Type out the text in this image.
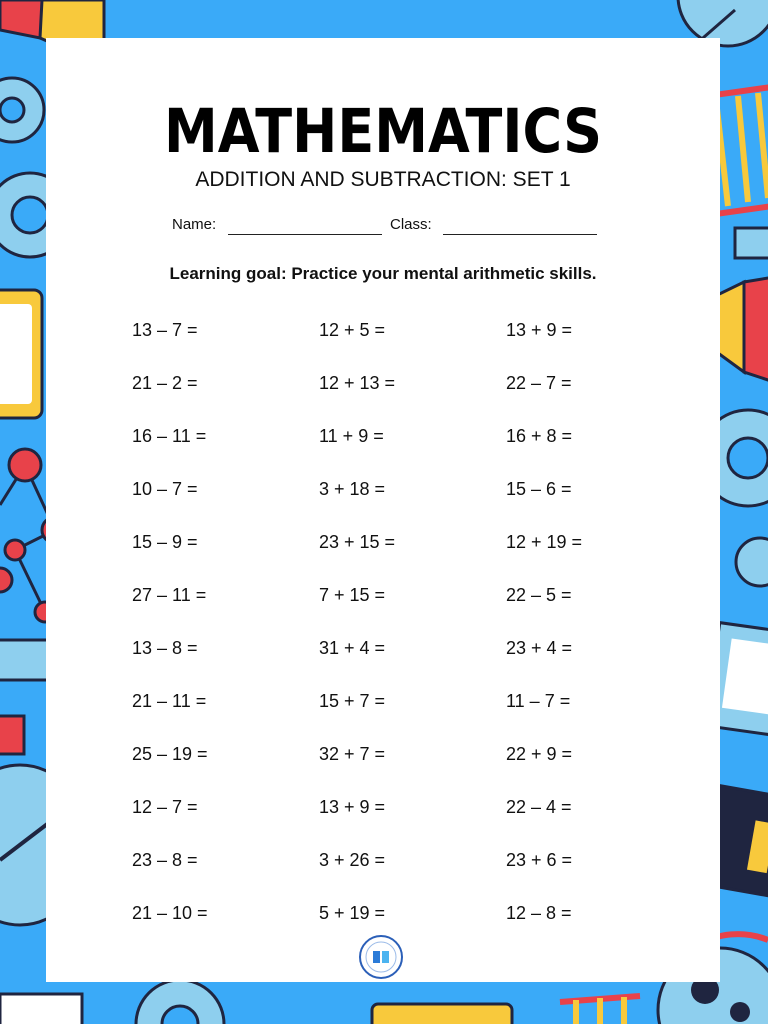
MATHEMATICS
ADDITION AND SUBTRACTION: SET 1
Name:	Class:
Learning goal: Practice your mental arithmetic skills.
13 – 7 =
21 – 2 =
16 – 11 =
10 – 7 =
15 – 9 =
27 – 11 =
13 – 8 =
21 – 11 =
25 – 19 =
12 – 7 =
23 – 8 =
21 – 10 =
12 + 5 =
12 + 13 =
11 + 9 =
3 + 18 =
23 + 15 =
7 + 15 =
31 + 4 =
15 + 7 =
32 + 7 =
13 + 9 =
3 + 26 =
5 + 19 =
13 + 9 =
22 – 7 =
16 + 8 =
15 – 6 =
12 + 19 =
22 – 5 =
23 + 4 =
11 – 7 =
22 + 9 =
22 – 4 =
23 + 6 =
12 – 8 =
